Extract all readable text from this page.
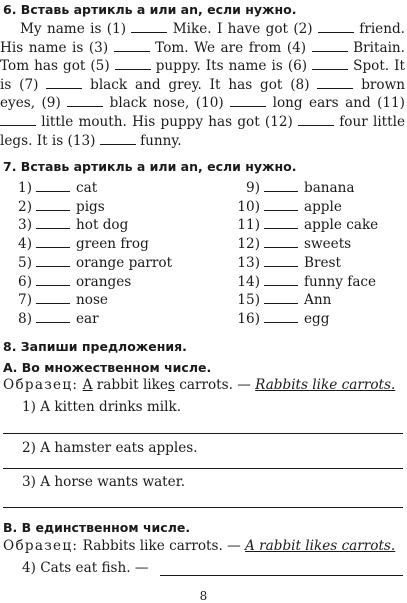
6. Вставь артикль a или an, если нужно.
My name is (1)	Mike. I have got (2)	friend. His name is (3)	Tom. We are from (4)	Britain. Tom has got (5)	puppy. Its name is (6)	Spot. It is (7)	black and grey. It has got (8)	brown eyes, (9)	black nose, (10)	long ears and (11)  little mouth. His puppy has got (12)	four little legs. It is (13)	funny.
7. Вставь артикль a или an, если нужно.
1)	cat
2)	pigs
3)	hot dog
4)	green frog
5)	orange parrot
6)	oranges
7)	nose
8)	ear
9)	banana
10)	apple
11)	apple cake
12)	sweets
13)	Brest
14)	funny face
15)	Ann
16)	egg
8. Запиши предложения.
А. Во множественном числе.
Образец: A rabbit likes carrots. — Rabbits like carrots.
1) A kitten drinks milk.
2) A hamster eats apples.
3) A horse wants water.
В. В единственном числе.
Образец: Rabbits like carrots. — A rabbit likes carrots.
4) Cats eat fish. —
8
